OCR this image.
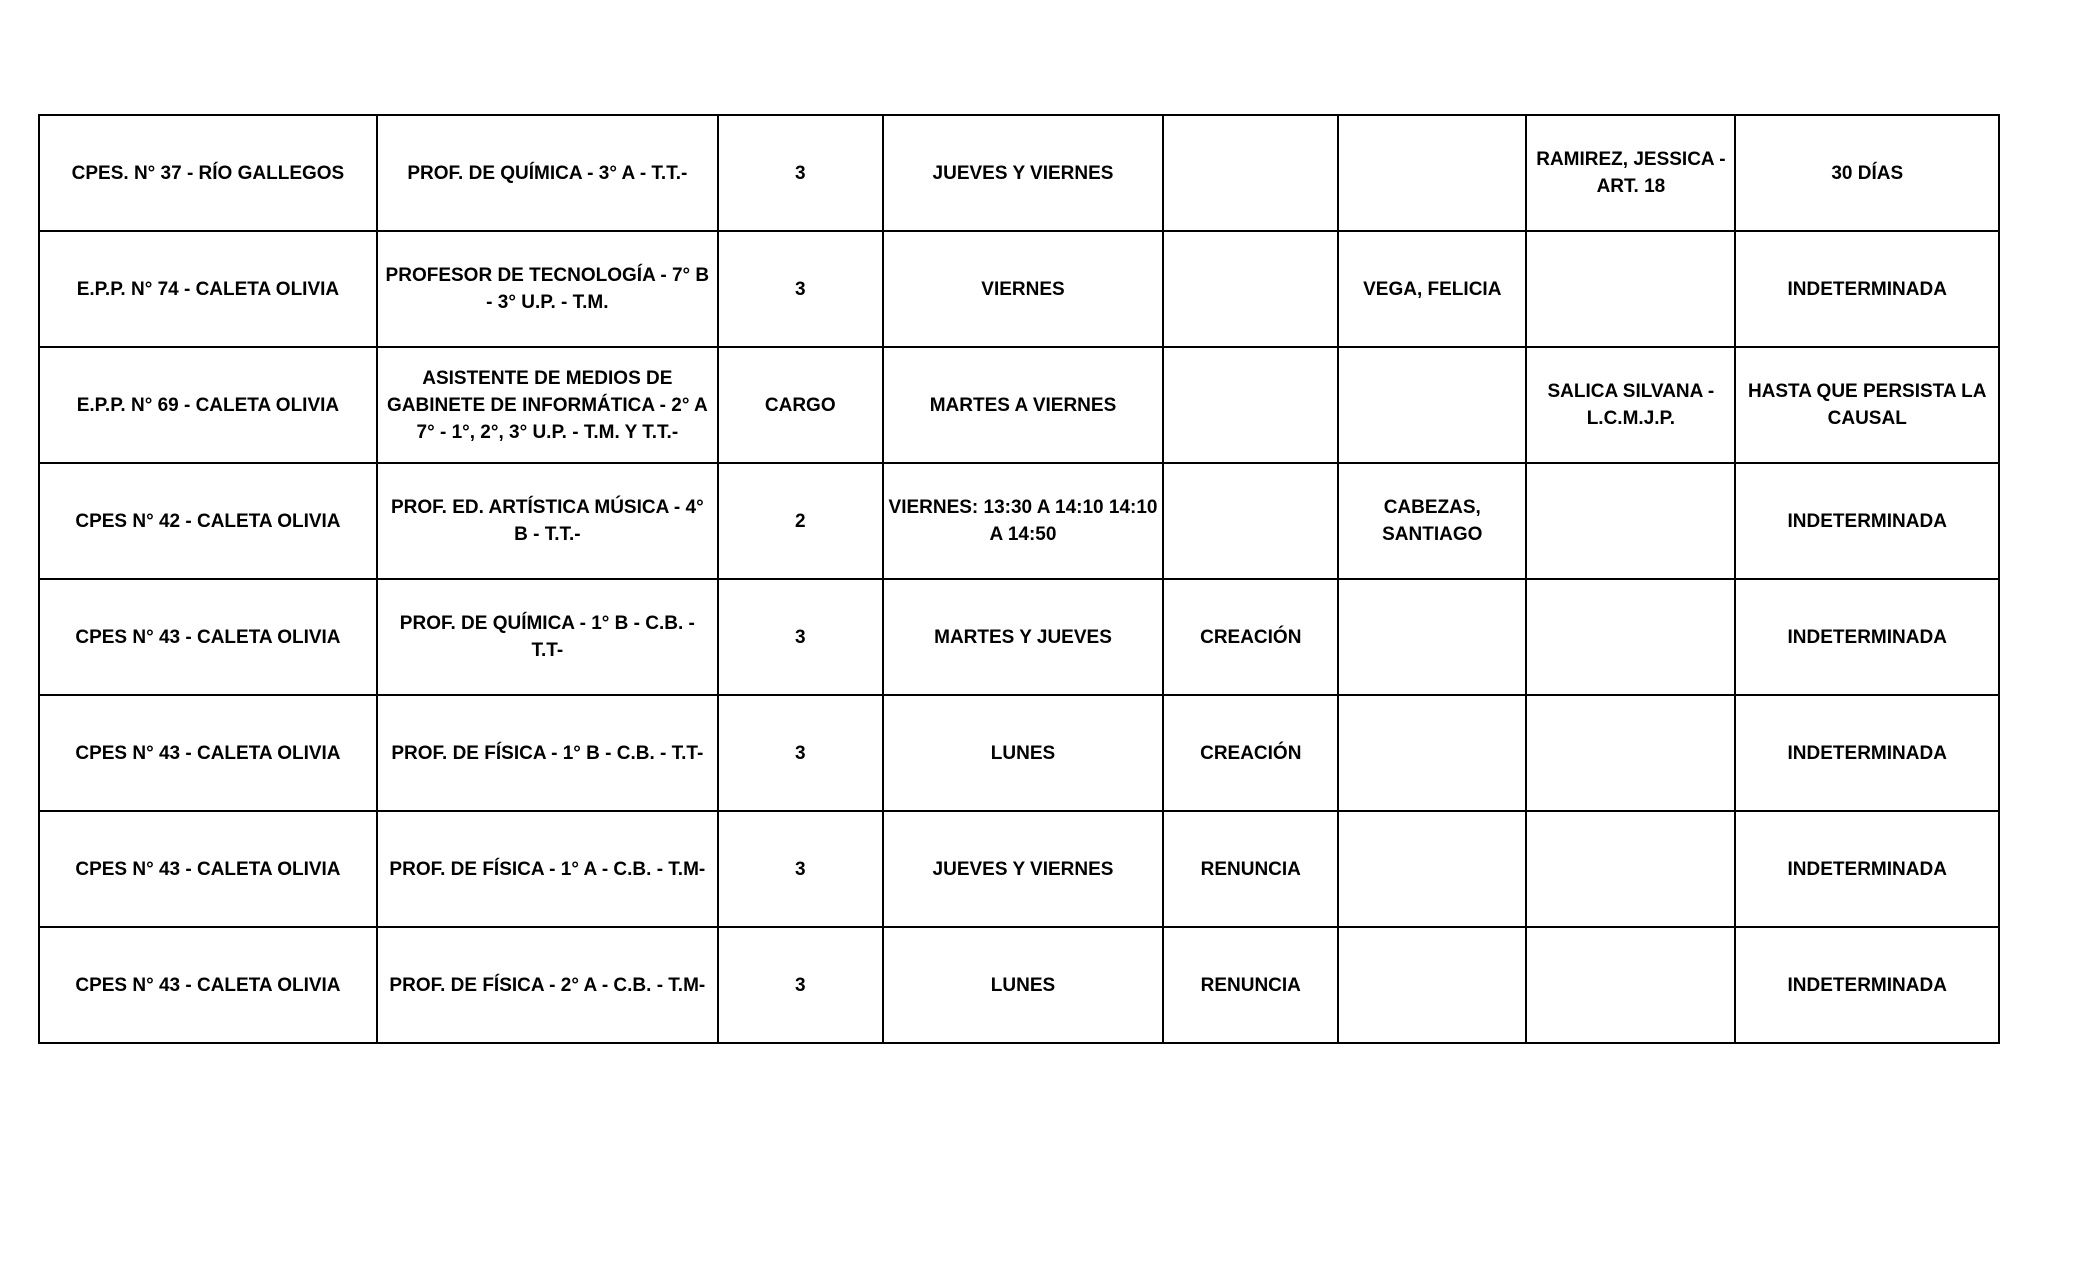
CPES. N° 37 - RÍO GALLEGOS	PROF. DE QUÍMICA - 3° A - T.T.-	3	JUEVES Y VIERNES			RAMIREZ, JESSICA - ART. 18	30 DÍAS
E.P.P. N° 74 - CALETA OLIVIA	PROFESOR DE TECNOLOGÍA - 7° B - 3° U.P. - T.M.	3	VIERNES		VEGA, FELICIA		INDETERMINADA
E.P.P. N° 69 - CALETA OLIVIA	ASISTENTE DE MEDIOS DE GABINETE DE INFORMÁTICA - 2° A 7° - 1°, 2°, 3° U.P. - T.M. Y T.T.-	CARGO	MARTES A VIERNES			SALICA SILVANA - L.C.M.J.P.	HASTA QUE PERSISTA LA CAUSAL
CPES N° 42 - CALETA OLIVIA	PROF. ED. ARTÍSTICA MÚSICA - 4° B - T.T.-	2	VIERNES: 13:30 A 14:10 14:10 A 14:50		CABEZAS, SANTIAGO		INDETERMINADA
CPES N° 43 - CALETA OLIVIA	PROF. DE QUÍMICA - 1° B - C.B. - T.T-	3	MARTES Y JUEVES	CREACIÓN			INDETERMINADA
CPES N° 43 - CALETA OLIVIA	PROF. DE FÍSICA - 1° B - C.B. - T.T-	3	LUNES	CREACIÓN			INDETERMINADA
CPES N° 43 - CALETA OLIVIA	PROF. DE FÍSICA - 1° A - C.B. - T.M-	3	JUEVES Y VIERNES	RENUNCIA			INDETERMINADA
CPES N° 43 - CALETA OLIVIA	PROF. DE FÍSICA - 2° A - C.B. - T.M-	3	LUNES	RENUNCIA			INDETERMINADA
